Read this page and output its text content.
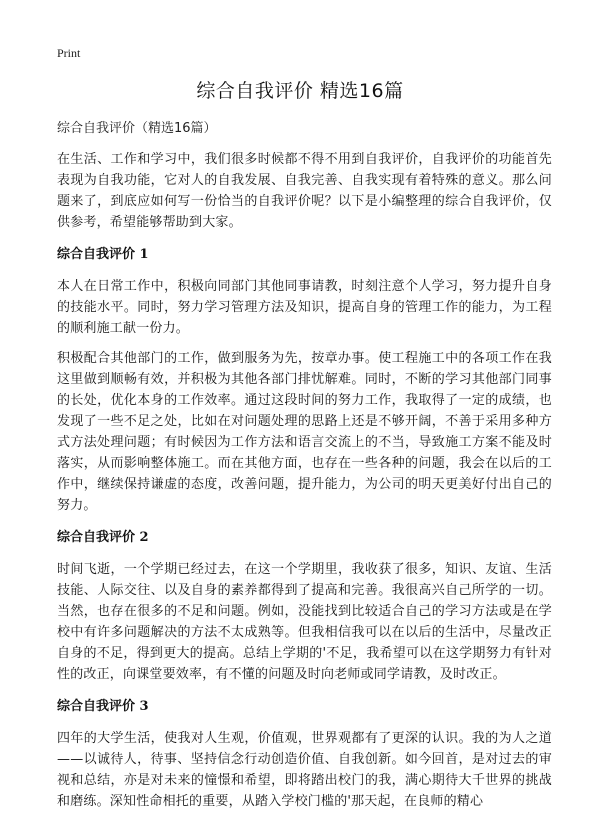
Print
综合自我评价 精选16篇

综合自我评价（精选16篇）

在生活、工作和学习中，我们很多时候都不得不用到自我评价，自我评价的功能首先表现为自我功能，它对人的自我发展、自我完善、自我实现有着特殊的意义。那么问题来了，到底应如何写一份恰当的自我评价呢？以下是小编整理的综合自我评价，仅供参考，希望能够帮助到大家。

综合自我评价 1

本人在日常工作中，积极向同部门其他同事请教，时刻注意个人学习，努力提升自身的技能水平。同时，努力学习管理方法及知识，提高自身的管理工作的能力，为工程的顺利施工献一份力。

积极配合其他部门的工作，做到服务为先，按章办事。使工程施工中的各项工作在我这里做到顺畅有效，并积极为其他各部门排忧解难。同时，不断的学习其他部门同事的长处，优化本身的工作效率。通过这段时间的努力工作，我取得了一定的成绩，也发现了一些不足之处，比如在对问题处理的思路上还是不够开阔，不善于采用多种方式方法处理问题；有时候因为工作方法和语言交流上的不当，导致施工方案不能及时落实，从而影响整体施工。而在其他方面，也存在一些各种的问题，我会在以后的工作中，继续保持谦虚的态度，改善问题，提升能力，为公司的明天更美好付出自己的努力。

综合自我评价 2

时间飞逝，一个学期已经过去，在这一个学期里，我收获了很多，知识、友谊、生活技能、人际交往、以及自身的素养都得到了提高和完善。我很高兴自己所学的一切。当然，也存在很多的不足和问题。例如，没能找到比较适合自己的学习方法或是在学校中有许多问题解决的方法不太成熟等。但我相信我可以在以后的生活中，尽量改正自身的不足，得到更大的提高。总结上学期的'不足，我希望可以在这学期努力有针对性的改正，向课堂要效率，有不懂的问题及时向老师或同学请教，及时改正。

综合自我评价 3

四年的大学生活，使我对人生观，价值观，世界观都有了更深的认识。我的为人之道——以诚待人，待事、坚持信念行动创造价值、自我创新。如今回首，是对过去的审视和总结，亦是对未来的憧憬和希望，即将踏出校门的我，满心期待大千世界的挑战和磨练。深知性命相托的重要，从踏入学校门槛的'那天起，在良师的精心
